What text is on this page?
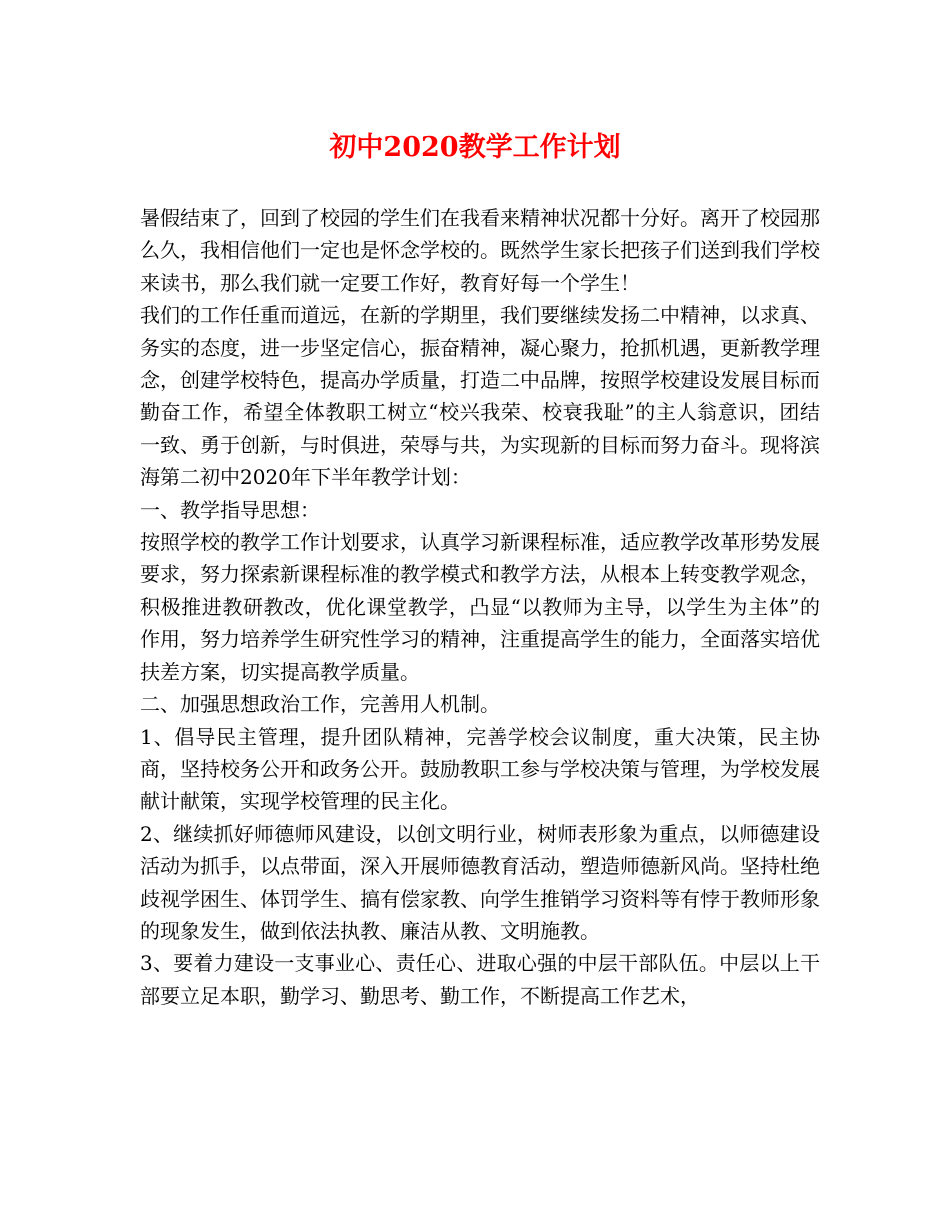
初中2020教学工作计划

暑假结束了，回到了校园的学生们在我看来精神状况都十分好。离开了校园那么久，我相信他们一定也是怀念学校的。既然学生家长把孩子们送到我们学校来读书，那么我们就一定要工作好，教育好每一个学生！

我们的工作任重而道远，在新的学期里，我们要继续发扬二中精神，以求真、务实的态度，进一步坚定信心，振奋精神，凝心聚力，抢抓机遇，更新教学理念，创建学校特色，提高办学质量，打造二中品牌，按照学校建设发展目标而勤奋工作，希望全体教职工树立“校兴我荣、校衰我耻”的主人翁意识，团结一致、勇于创新，与时俱进，荣辱与共，为实现新的目标而努力奋斗。现将滨海第二初中2020年下半年教学计划：

一、教学指导思想：

按照学校的教学工作计划要求，认真学习新课程标准，适应教学改革形势发展要求，努力探索新课程标准的教学模式和教学方法，从根本上转变教学观念，积极推进教研教改，优化课堂教学，凸显“以教师为主导，以学生为主体”的作用，努力培养学生研究性学习的精神，注重提高学生的能力，全面落实培优扶差方案，切实提高教学质量。

二、加强思想政治工作，完善用人机制。

1、倡导民主管理，提升团队精神，完善学校会议制度，重大决策，民主协商，坚持校务公开和政务公开。鼓励教职工参与学校决策与管理，为学校发展献计献策，实现学校管理的民主化。

2、继续抓好师德师风建设，以创文明行业，树师表形象为重点，以师德建设活动为抓手，以点带面，深入开展师德教育活动，塑造师德新风尚。坚持杜绝歧视学困生、体罚学生、搞有偿家教、向学生推销学习资料等有悖于教师形象的现象发生，做到依法执教、廉洁从教、文明施教。

3、要着力建设一支事业心、责任心、进取心强的中层干部队伍。中层以上干部要立足本职，勤学习、勤思考、勤工作，不断提高工作艺术，
